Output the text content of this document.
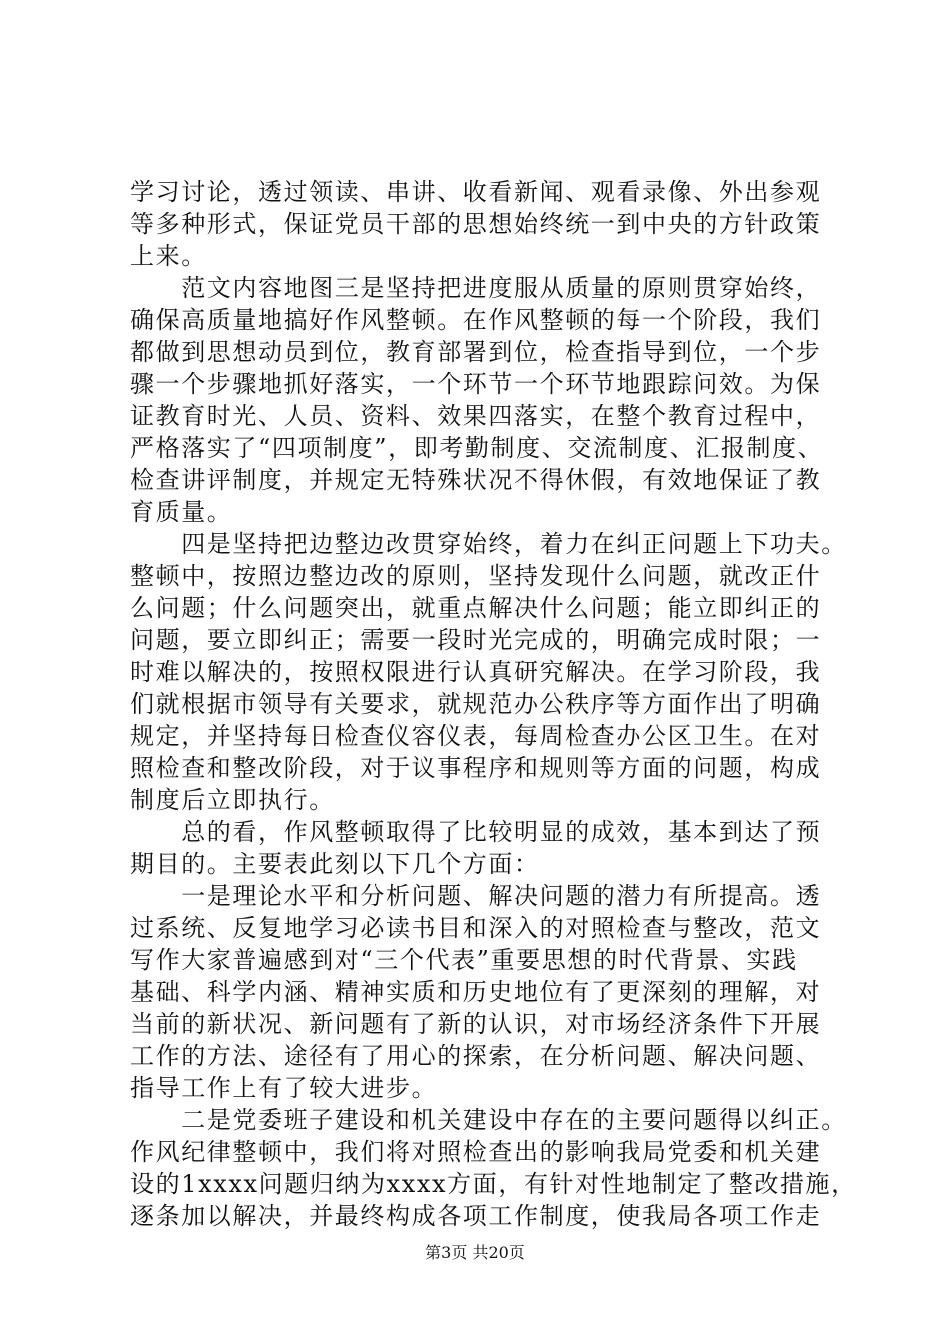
学习讨论，透过领读、串讲、收看新闻、观看录像、外出参观
等多种形式，保证党员干部的思想始终统一到中央的方针政策
上来。
　　范文内容地图三是坚持把进度服从质量的原则贯穿始终，
确保高质量地搞好作风整顿。在作风整顿的每一个阶段，我们
都做到思想动员到位，教育部署到位，检查指导到位，一个步
骤一个步骤地抓好落实，一个环节一个环节地跟踪问效。为保
证教育时光、人员、资料、效果四落实，在整个教育过程中，
严格落实了“四项制度”，即考勤制度、交流制度、汇报制度、
检查讲评制度，并规定无特殊状况不得休假，有效地保证了教
育质量。
　　四是坚持把边整边改贯穿始终，着力在纠正问题上下功夫。
整顿中，按照边整边改的原则，坚持发现什么问题，就改正什
么问题；什么问题突出，就重点解决什么问题；能立即纠正的
问题，要立即纠正；需要一段时光完成的，明确完成时限；一
时难以解决的，按照权限进行认真研究解决。在学习阶段，我
们就根据市领导有关要求，就规范办公秩序等方面作出了明确
规定，并坚持每日检查仪容仪表，每周检查办公区卫生。在对
照检查和整改阶段，对于议事程序和规则等方面的问题，构成
制度后立即执行。
　　总的看，作风整顿取得了比较明显的成效，基本到达了预
期目的。主要表此刻以下几个方面：
　　一是理论水平和分析问题、解决问题的潜力有所提高。透
过系统、反复地学习必读书目和深入的对照检查与整改，范文
写作大家普遍感到对“三个代表”重要思想的时代背景、实践
基础、科学内涵、精神实质和历史地位有了更深刻的理解，对
当前的新状况、新问题有了新的认识，对市场经济条件下开展
工作的方法、途径有了用心的探索，在分析问题、解决问题、
指导工作上有了较大进步。
　　二是党委班子建设和机关建设中存在的主要问题得以纠正。
作风纪律整顿中，我们将对照检查出的影响我局党委和机关建
设的1xxxx问题归纳为xxxx方面，有针对性地制定了整改措施，
逐条加以解决，并最终构成各项工作制度，使我局各项工作走
第3页 共20页
